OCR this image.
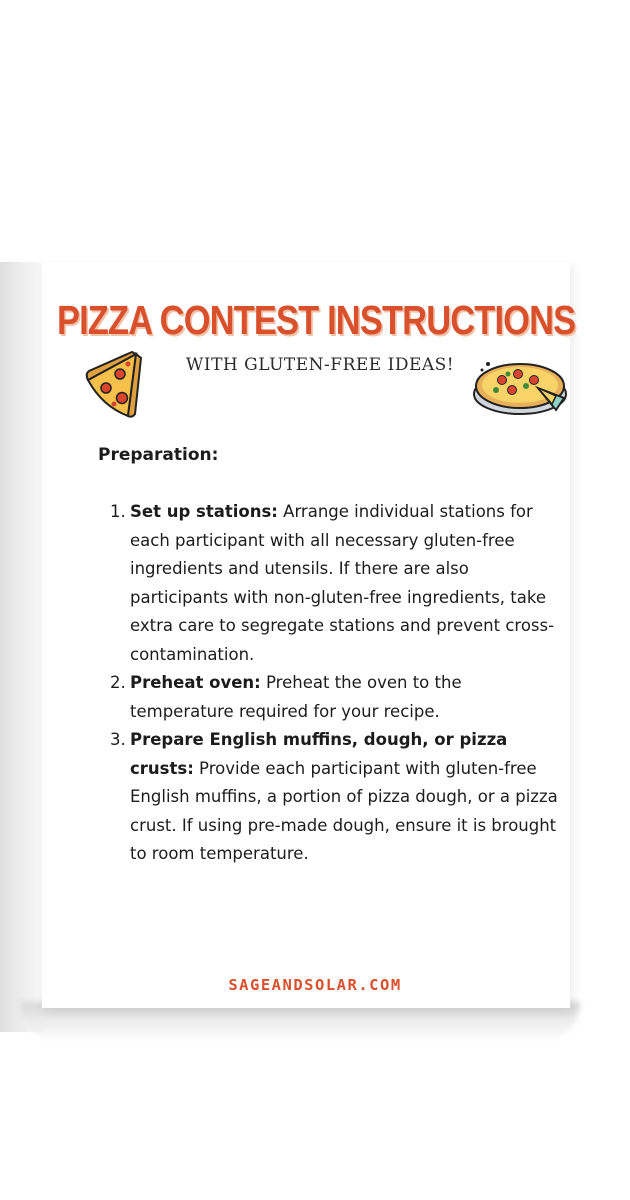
PIZZA CONTEST INSTRUCTIONS

WITH GLUTEN-FREE IDEAS!

Preparation:
1. Set up stations: Arrange individual stations for each participant with all necessary gluten-free ingredients and utensils. If there are also participants with non-gluten-free ingredients, take extra care to segregate stations and prevent cross-contamination.
2. Preheat oven: Preheat the oven to the temperature required for your recipe.
3. Prepare English muffins, dough, or pizza crusts: Provide each participant with gluten-free English muffins, a portion of pizza dough, or a pizza crust. If using pre-made dough, ensure it is brought to room temperature.

SAGEANDSOLAR.COM
